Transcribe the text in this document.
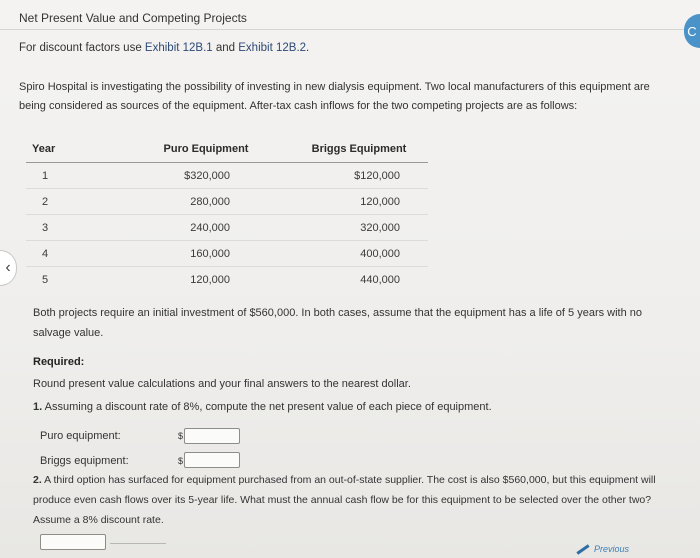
Net Present Value and Competing Projects
For discount factors use Exhibit 12B.1 and Exhibit 12B.2.
Spiro Hospital is investigating the possibility of investing in new dialysis equipment. Two local manufacturers of this equipment are being considered as sources of the equipment. After-tax cash inflows for the two competing projects are as follows:
Year	Puro Equipment	Briggs Equipment
1	$320,000	$120,000
2	280,000	120,000
3	240,000	320,000
4	160,000	400,000
5	120,000	440,000
Both projects require an initial investment of $560,000. In both cases, assume that the equipment has a life of 5 years with no salvage value.
Required:
Round present value calculations and your final answers to the nearest dollar.
1. Assuming a discount rate of 8%, compute the net present value of each piece of equipment.
Puro equipment:	$
Briggs equipment:	$
2. A third option has surfaced for equipment purchased from an out-of-state supplier. The cost is also $560,000, but this equipment will produce even cash flows over its 5-year life. What must the annual cash flow be for this equipment to be selected over the other two? Assume a 8% discount rate.
Previous
‹
C
